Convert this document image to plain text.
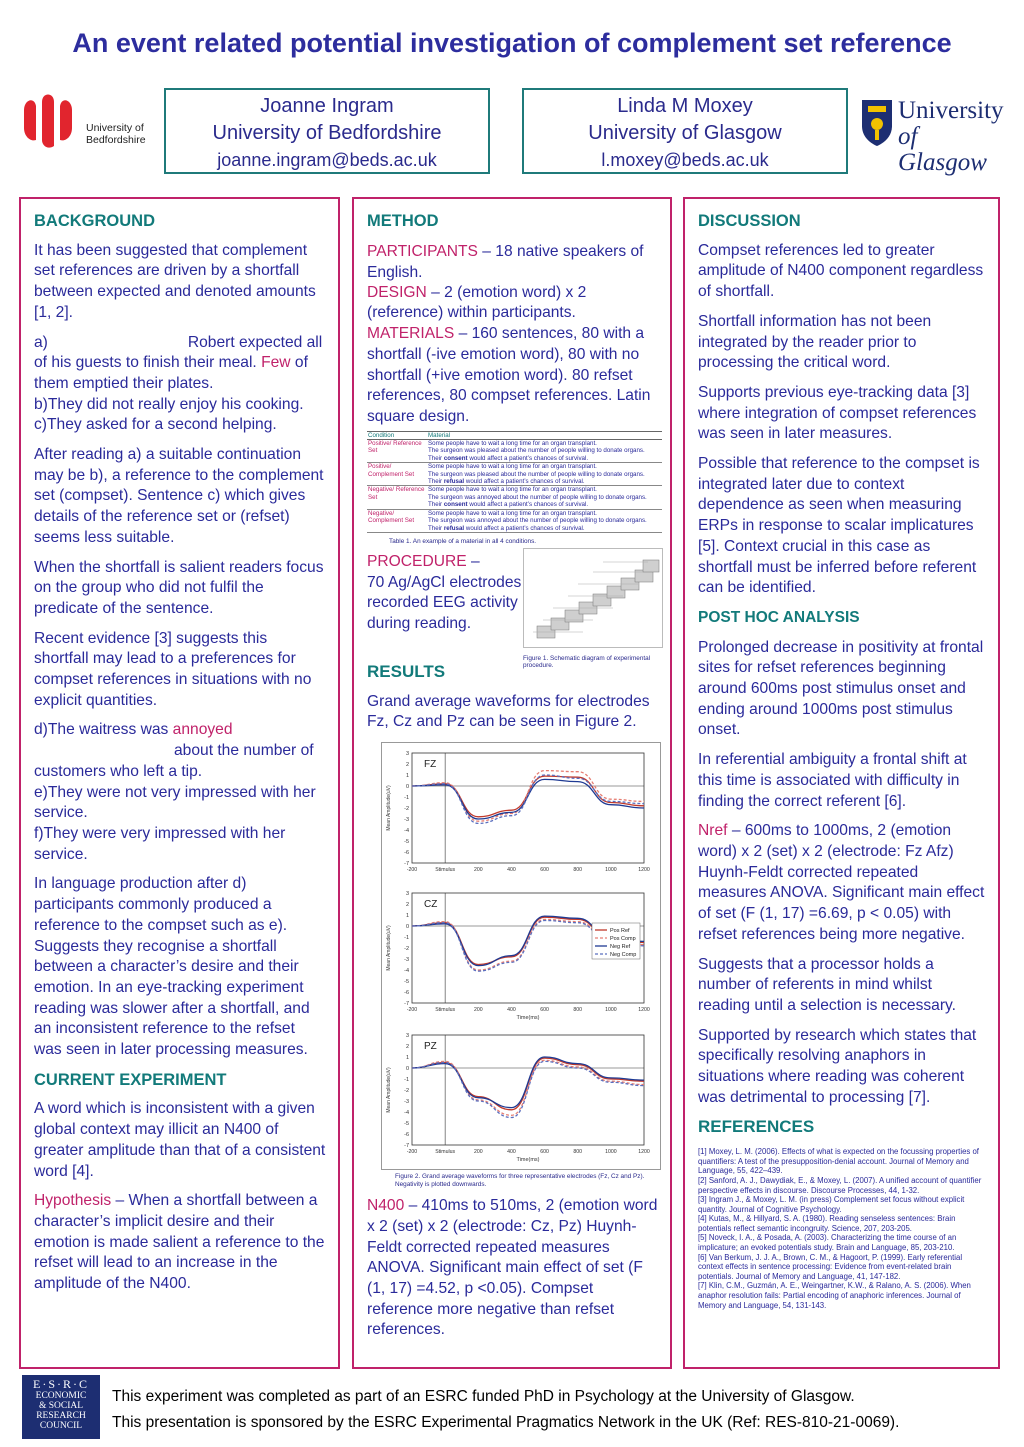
An event related potential investigation of complement set reference
University of
Bedfordshire
Joanne Ingram
University of Bedfordshire
joanne.ingram@beds.ac.uk
Linda M Moxey
University of Glasgow
l.moxey@beds.ac.uk
University
of Glasgow
BACKGROUND
It has been suggested that complement set references are driven by a shortfall between expected and denoted amounts [1, 2].
a)	Robert expected all of his guests to finish their meal. Few of them emptied their plates.
b)They did not really enjoy his cooking.
c)They asked for a second helping.
After reading a) a suitable continuation may be b), a reference to the complement set (compset). Sentence c) which gives details of the reference set or (refset) seems less suitable.
When the shortfall is salient readers focus on the group who did not fulfil the predicate of the sentence.
Recent evidence [3] suggests this shortfall may lead to a preferences for compset references in situations with no explicit quantities.
d)The waitress was annoyed
about the number of customers who left a tip.
e)They were not very impressed with her service.
f)They were very impressed with her service.
In language production after d) participants commonly produced a reference to the compset such as e). Suggests they recognise a shortfall between a character’s desire and their emotion. In an eye-tracking experiment reading was slower after a shortfall, and an inconsistent reference to the refset was seen in later processing measures.
CURRENT EXPERIMENT
A word which is inconsistent with a given global context may illicit an N400 of greater amplitude than that of a consistent word [4].
Hypothesis – When a shortfall between a character’s implicit desire and their emotion is made salient a reference to the refset will lead to an increase in the amplitude of the N400.
METHOD
PARTICIPANTS – 18 native speakers of English.
DESIGN – 2 (emotion word) x 2 (reference) within participants.
MATERIALS – 160 sentences, 80 with a shortfall (-ive emotion word), 80 with no shortfall (+ive emotion word). 80 refset references, 80 compset references. Latin square design.
Condition	Material
Positive/ Reference Set	Some people have to wait a long time for an organ transplant.
The surgeon was pleased about the number of people willing to donate organs.
Their consent would affect a patient’s chances of survival.

Positive/ Complement Set	Some people have to wait a long time for an organ transplant.
The surgeon was pleased about the number of people willing to donate organs.
Their refusal would affect a patient’s chances of survival.

Negative/ Reference Set	Some people have to wait a long time for an organ transplant.
The surgeon was annoyed about the number of people willing to donate organs.
Their consent would affect a patient’s chances of survival.

Negative/ Complement Set	Some people have to wait a long time for an organ transplant.
The surgeon was annoyed about the number of people willing to donate organs.
Their refusal would affect a patient’s chances of survival.
Table 1. An example of a material in all 4 conditions.
PROCEDURE –
70 Ag/AgCl electrodes recorded EEG activity during reading.
Figure 1. Schematic diagram of experimental procedure.
RESULTS
Grand average waveforms for electrodes Fz, Cz and Pz can be seen in Figure 2.
FZ
3
2
1
0
-1
-2
-3
-4
-5
-6
-7
-200	Stimulus	200	400	600	800	1000	1200
Mean Amplitude(uV)
CZ
3
2
1
0
-1
-2
-3
-4
-5
-6
-7
-200	Stimulus	200	400	600	800	1000	1200
Time(ms)
Mean Amplitude(uV)	Pos Ref
Pos Comp
Neg Ref
Neg Comp
PZ
3
2
1
0
-1
-2
-3
-4
-5
-6
-7
-200	Stimulus	200	400	600	800	1000	1200
Time(ms)
Mean Amplitude(uV)
Figure 2. Grand average waveforms for three representative electrodes (Fz, Cz and Pz). Negativity is plotted downwards.
N400 – 410ms to 510ms, 2 (emotion word x 2 (set) x 2 (electrode: Cz, Pz) Huynh-Feldt corrected repeated measures ANOVA. Significant main effect of set (F (1, 17) =4.52, p <0.05). Compset reference more negative than refset references.
DISCUSSION
Compset references led to greater amplitude of N400 component regardless of shortfall.
Shortfall information has not been integrated by the reader prior to processing the critical word.
Supports previous eye-tracking data [3] where integration of compset references was seen in later measures.
Possible that reference to the compset is integrated later due to context dependence as seen when measuring ERPs in response to scalar implicatures [5]. Context crucial in this case as shortfall must be inferred before referent can be identified.
POST HOC ANALYSIS
Prolonged decrease in positivity at frontal sites for refset references beginning around 600ms post stimulus onset and ending around 1000ms post stimulus onset.
In referential ambiguity a frontal shift at this time is associated with difficulty in finding the correct referent [6].
Nref – 600ms to 1000ms, 2 (emotion word) x 2 (set) x 2 (electrode: Fz Afz) Huynh-Feldt corrected repeated measures ANOVA. Significant main effect of set (F (1, 17) =6.69, p < 0.05) with refset references being more negative.
Suggests that a processor holds a number of referents in mind whilst reading until a selection is necessary.
Supported by research which states that specifically resolving anaphors in situations where reading was coherent was detrimental to processing [7].
REFERENCES
[1] Moxey, L. M. (2006). Effects of what is expected on the focussing properties of quantifiers: A test of the presupposition-denial account. Journal of Memory and Language, 55, 422–439.
[2] Sanford, A. J., Dawydiak, E., & Moxey, L. (2007). A unified account of quantifier perspective effects in discourse. Discourse Processes, 44, 1-32.
[3] Ingram J., & Moxey, L. M. (in press) Complement set focus without explicit quantity. Journal of Cognitive Psychology.
[4] Kutas, M., & Hillyard, S. A. (1980). Reading senseless sentences: Brain potentials reflect semantic incongruity. Science, 207, 203-205.
[5] Noveck, I. A., & Posada, A. (2003). Characterizing the time course of an implicature; an evoked potentials study. Brain and Language, 85, 203-210.
[6] Van Berkum, J. J. A., Brown, C. M., & Hagoort, P. (1999). Early referential context effects in sentence processing: Evidence from event-related brain potentials. Journal of Memory and Language, 41, 147-182.
[7] Klin, C.M., Guzmán, A. E., Weingartner, K.W., & Ralano, A. S. (2006). When anaphor resolution fails: Partial encoding of anaphoric inferences. Journal of Memory and Language, 54, 131-143.
E·S·R·C
ECONOMIC
& SOCIAL
RESEARCH
COUNCIL
This experiment was completed as part of an ESRC funded PhD in Psychology at the University of Glasgow.
This presentation is sponsored by the ESRC Experimental Pragmatics Network in the UK (Ref: RES-810-21-0069).
